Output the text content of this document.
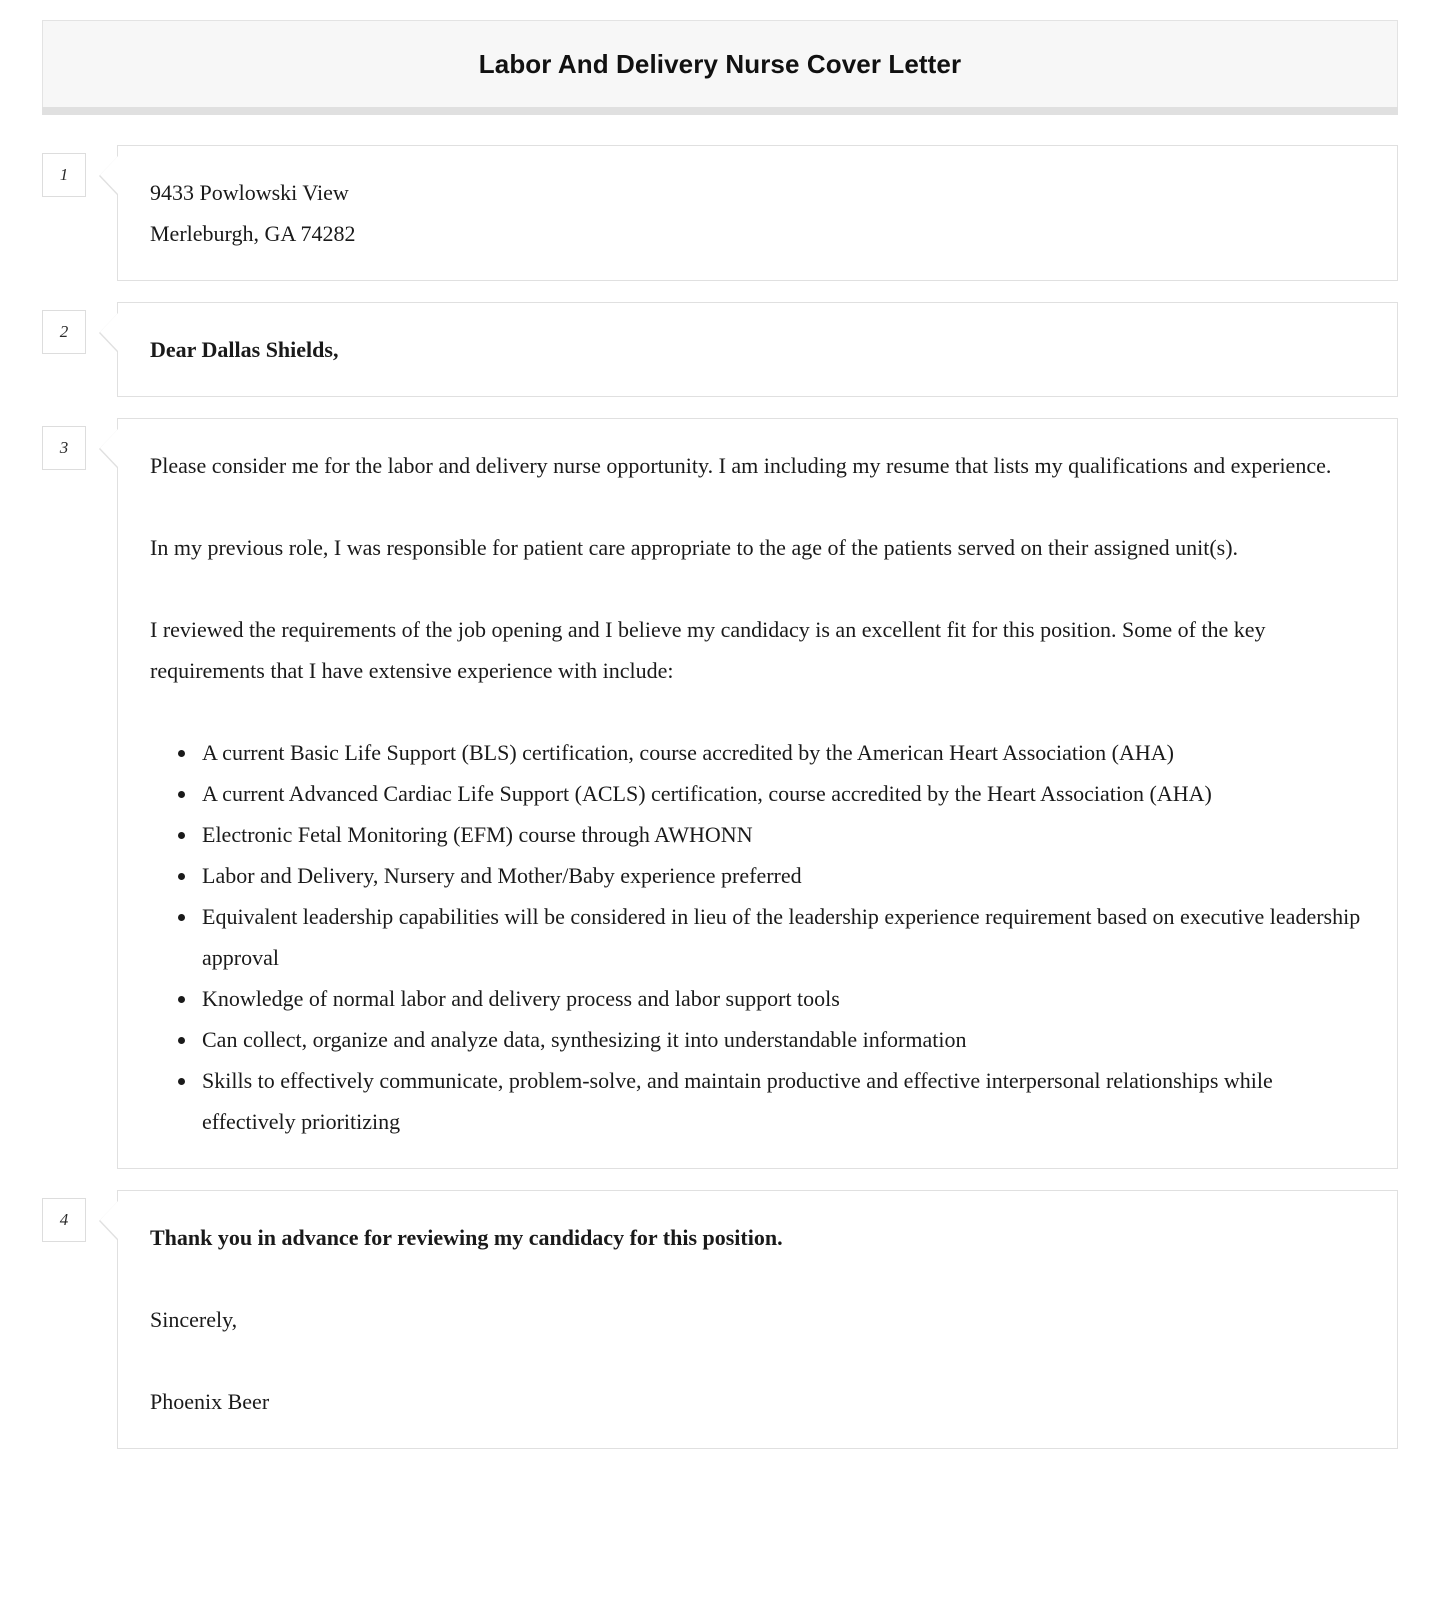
Labor And Delivery Nurse Cover Letter
1
9433 Powlowski View
Merleburgh, GA 74282
2
Dear Dallas Shields,
3

Please consider me for the labor and delivery nurse opportunity. I am including my resume that lists my qualifications and experience.

In my previous role, I was responsible for patient care appropriate to the age of the patients served on their assigned unit(s).

I reviewed the requirements of the job opening and I believe my candidacy is an excellent fit for this position. Some of the key requirements that I have extensive experience with include:

• A current Basic Life Support (BLS) certification, course accredited by the American Heart Association (AHA)
• A current Advanced Cardiac Life Support (ACLS) certification, course accredited by the Heart Association (AHA)
• Electronic Fetal Monitoring (EFM) course through AWHONN
• Labor and Delivery, Nursery and Mother/Baby experience preferred
• Equivalent leadership capabilities will be considered in lieu of the leadership experience requirement based on executive leadership approval
• Knowledge of normal labor and delivery process and labor support tools
• Can collect, organize and analyze data, synthesizing it into understandable information
• Skills to effectively communicate, problem-solve, and maintain productive and effective interpersonal relationships while effectively prioritizing
4

Thank you in advance for reviewing my candidacy for this position.

Sincerely,

Phoenix Beer
